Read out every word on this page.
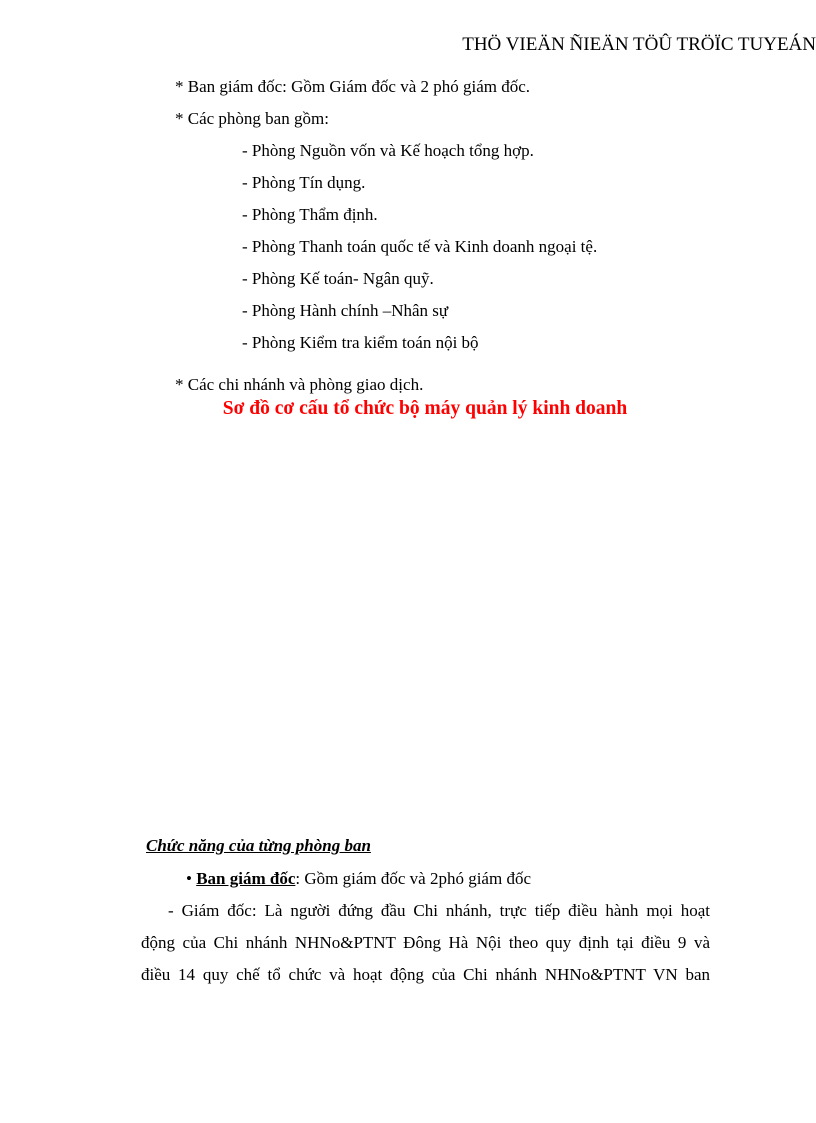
THÖ VIEÄN ÑIEÄN TÖÛ TRÖÏC TUYEÁN
* Ban giám đốc: Gồm Giám đốc và 2 phó giám đốc.
* Các phòng ban gồm:
- Phòng Nguồn vốn và Kế hoạch tổng hợp.
- Phòng Tín dụng.
- Phòng Thẩm định.
- Phòng Thanh toán quốc tế và Kinh doanh ngoại tệ.
- Phòng Kế toán- Ngân quỹ.
- Phòng Hành chính –Nhân sự
- Phòng Kiểm tra kiểm toán nội bộ
* Các chi nhánh và phòng giao dịch.
Sơ đồ cơ cấu tổ chức bộ máy quản lý kinh doanh
Chức năng của từng phòng ban
• Ban giám đốc: Gồm giám đốc và 2phó giám đốc
- Giám đốc: Là người đứng đầu Chi nhánh, trực tiếp điều hành mọi hoạt
động của Chi nhánh NHNo&PTNT Đông Hà Nội theo quy định tại điều 9 và
điều 14 quy chế tổ chức và hoạt động của Chi nhánh NHNo&PTNT VN ban
